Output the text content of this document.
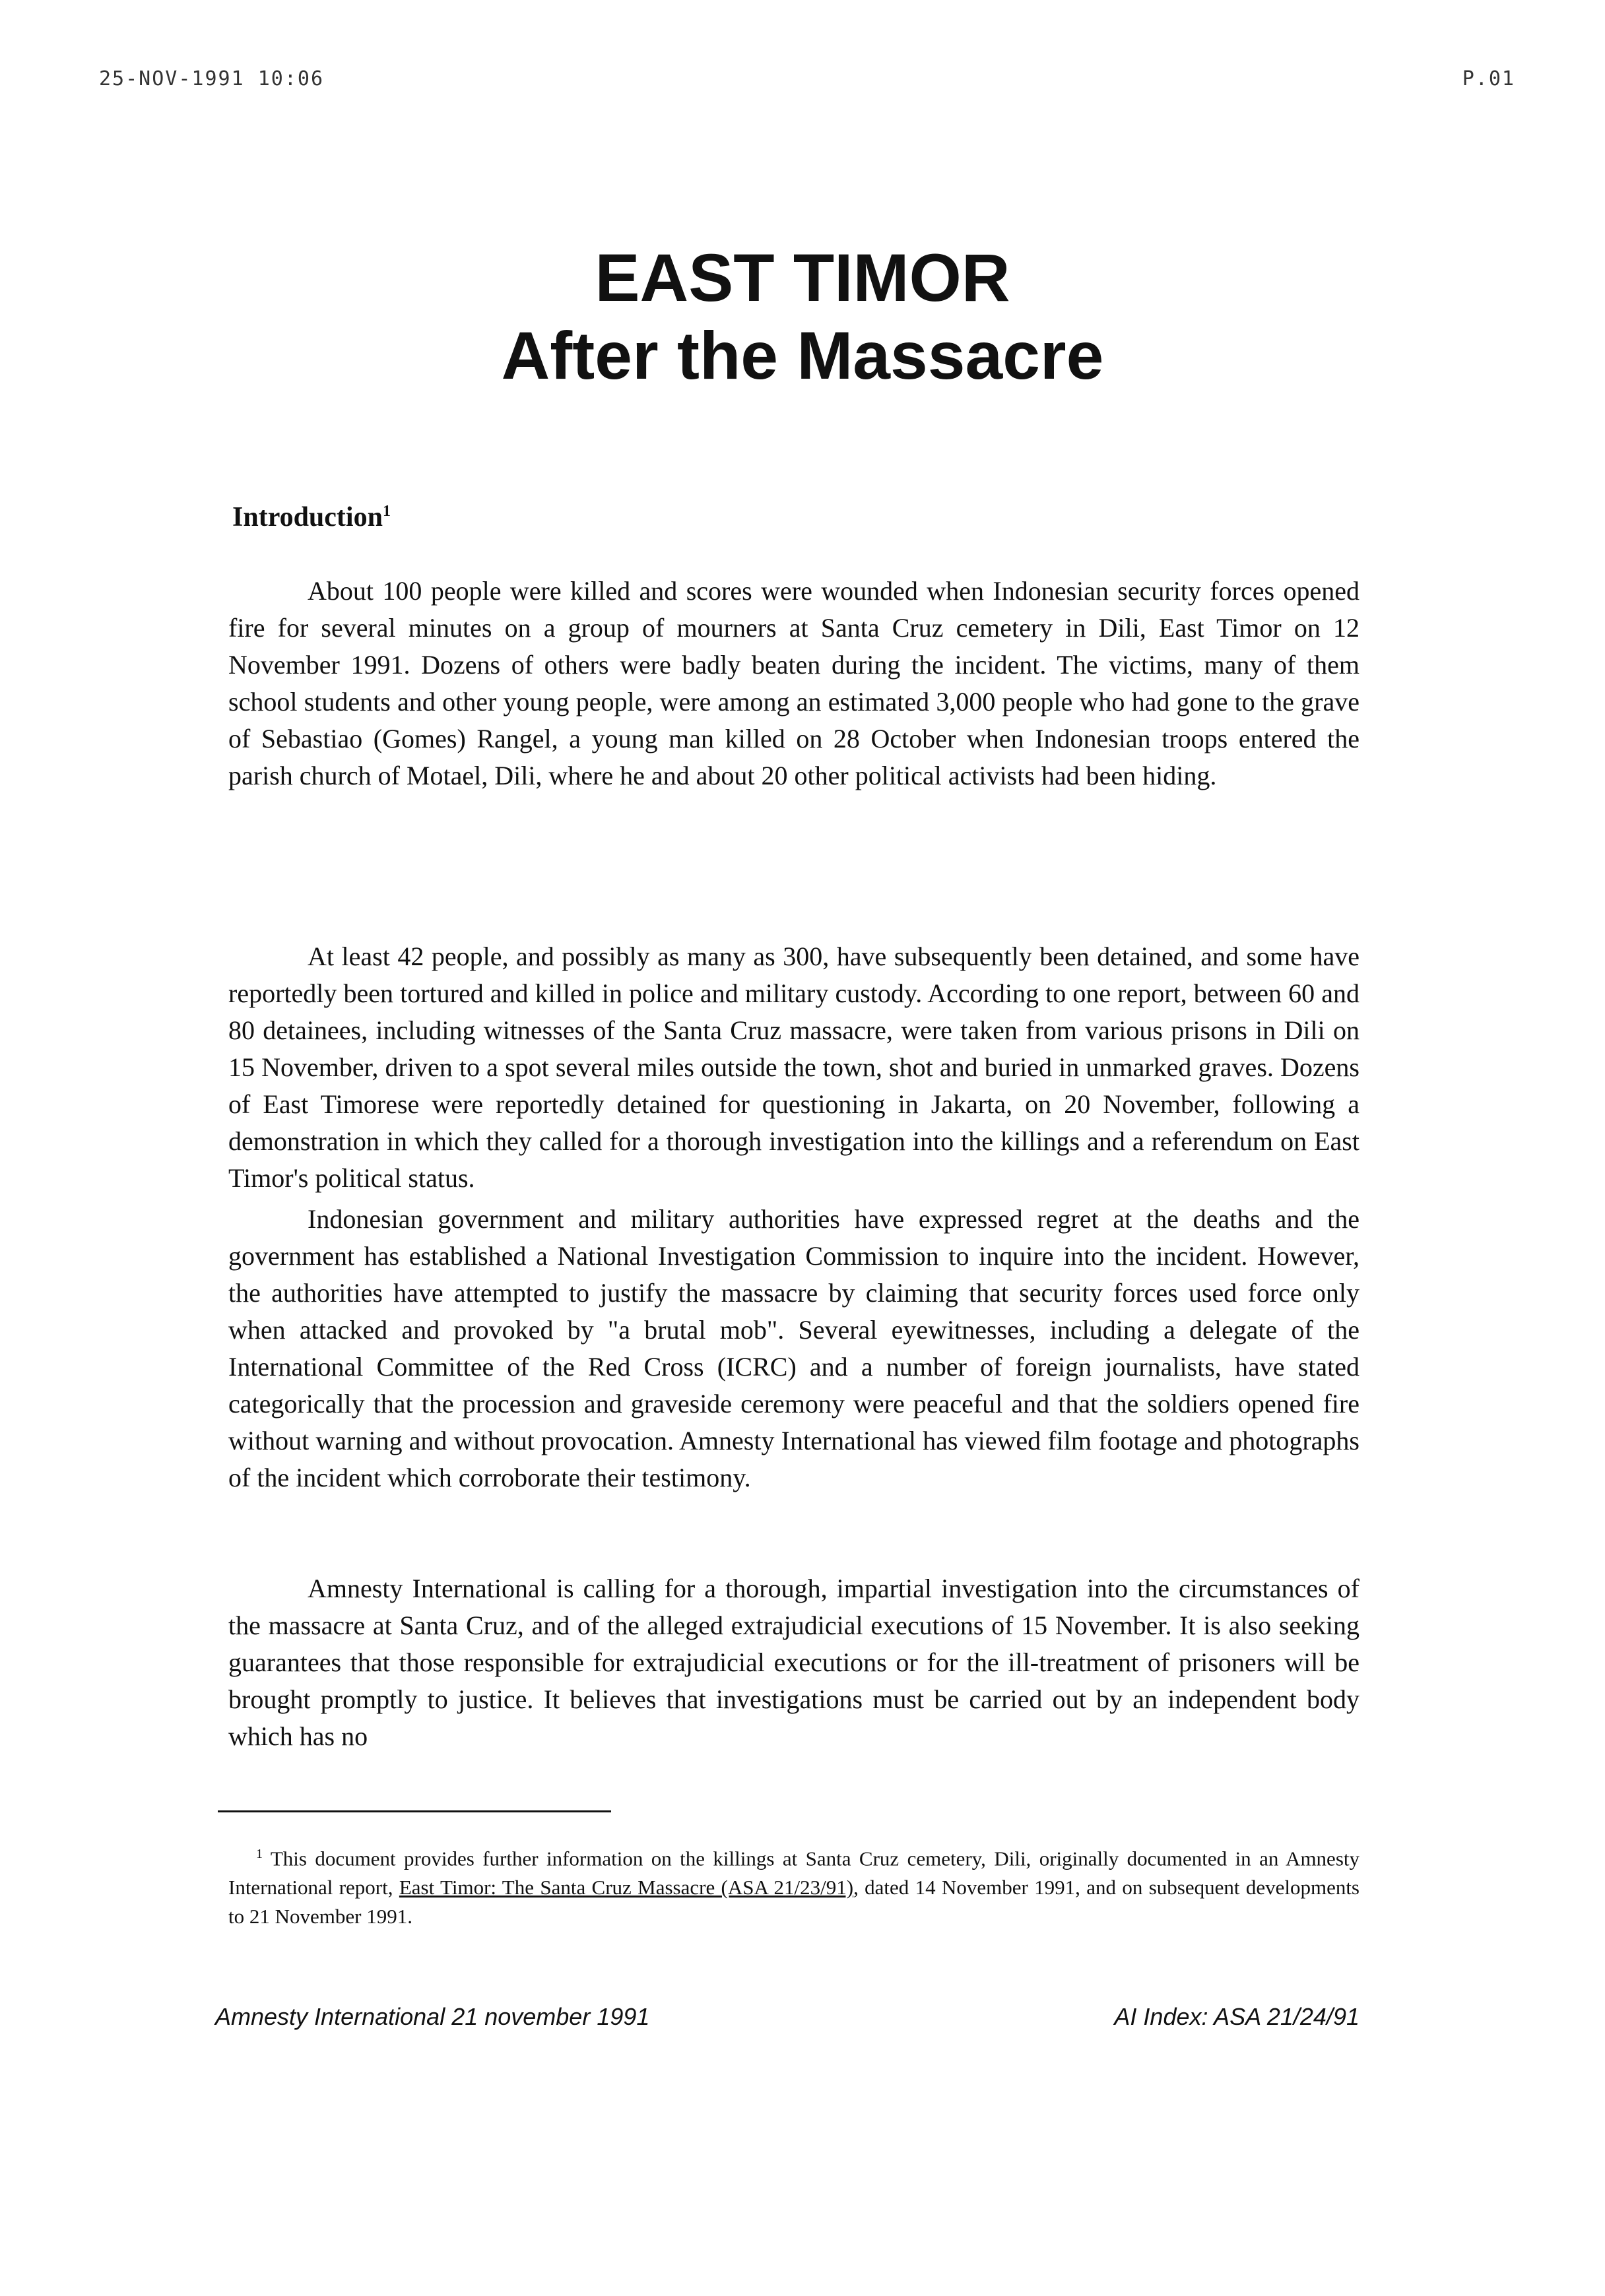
25-NOV-1991 10:06	P.01
EAST TIMOR
After the Massacre
Introduction$^1$

About 100 people were killed and scores were wounded when Indonesian security forces opened fire for several minutes on a group of mourners at Santa Cruz cemetery in Dili, East Timor on 12 November 1991. Dozens of others were badly beaten during the incident. The victims, many of them school students and other young people, were among an estimated 3,000 people who had gone to the grave of Sebastiao (Gomes) Rangel, a young man killed on 28 October when Indonesian troops entered the parish church of Motael, Dili, where he and about 20 other political activists had been hiding.

At least 42 people, and possibly as many as 300, have subsequently been detained, and some have reportedly been tortured and killed in police and military custody. According to one report, between 60 and 80 detainees, including witnesses of the Santa Cruz massacre, were taken from various prisons in Dili on 15 November, driven to a spot several miles outside the town, shot and buried in unmarked graves. Dozens of East Timorese were reportedly detained for questioning in Jakarta, on 20 November, following a demonstration in which they called for a thorough investigation into the killings and a referendum on East Timor's political status.

Indonesian government and military authorities have expressed regret at the deaths and the government has established a National Investigation Commission to inquire into the incident. However, the authorities have attempted to justify the massacre by claiming that security forces used force only when attacked and provoked by "a brutal mob". Several eyewitnesses, including a delegate of the International Committee of the Red Cross (ICRC) and a number of foreign journalists, have stated categorically that the procession and graveside ceremony were peaceful and that the soldiers opened fire without warning and without provocation. Amnesty International has viewed film footage and photographs of the incident which corroborate their testimony.

Amnesty International is calling for a thorough, impartial investigation into the circumstances of the massacre at Santa Cruz, and of the alleged extrajudicial executions of 15 November. It is also seeking guarantees that those responsible for extrajudicial executions or for the ill-treatment of prisoners will be brought promptly to justice. It believes that investigations must be carried out by an independent body which has no

$^1$ This document provides further information on the killings at Santa Cruz cemetery, Dili, originally documented in an Amnesty International report, East Timor: The Santa Cruz Massacre (ASA 21/23/91), dated 14 November 1991, and on subsequent developments to 21 November 1991.
Amnesty International 21 november 1991	AI Index: ASA 21/24/91
